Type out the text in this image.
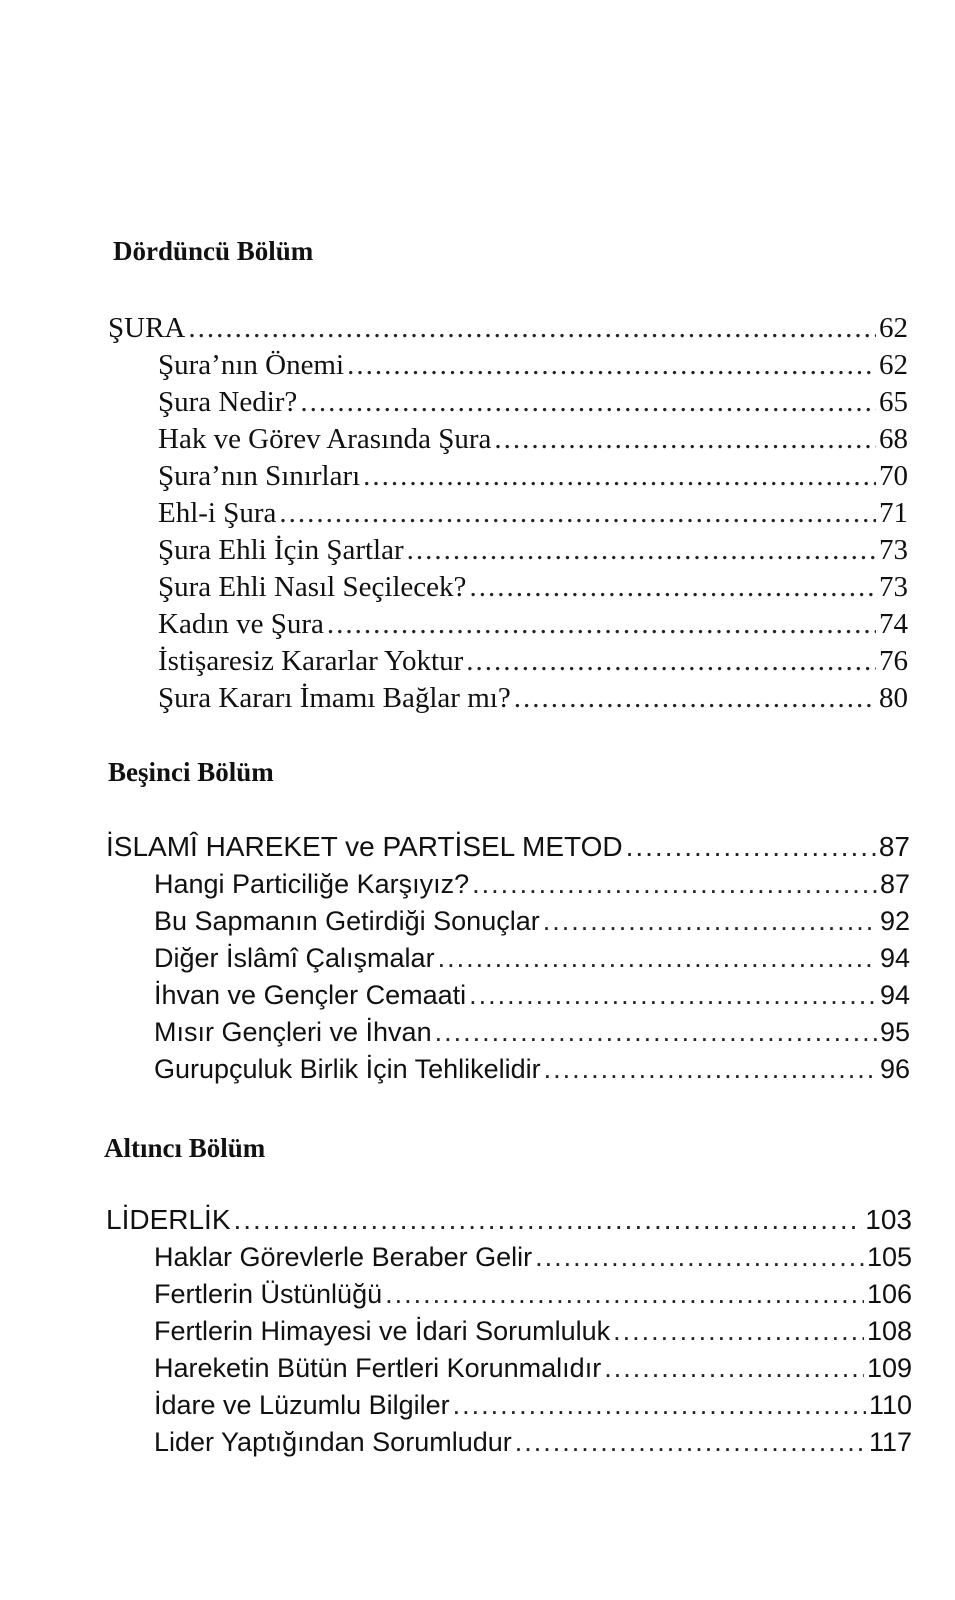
Dördüncü Bölüm
ŞURA .....	62
Şura’nın Önemi .....	62
Şura Nedir? .....	65
Hak ve Görev Arasında Şura .....	68
Şura’nın Sınırları .....	70
Ehl-i Şura .....	71
Şura Ehli İçin Şartlar .....	73
Şura Ehli Nasıl Seçilecek? .....	73
Kadın ve Şura .....	74
İstişaresiz Kararlar Yoktur .....	76
Şura Kararı İmamı Bağlar mı? .....	80
Beşinci Bölüm
İSLAMÎ HAREKET ve PARTİSEL METOD .....	87
Hangi Particiliğe Karşıyız? .....	87
Bu Sapmanın Getirdiği Sonuçlar .....	92
Diğer İslâmî Çalışmalar .....	94
İhvan ve Gençler Cemaati .....	94
Mısır Gençleri ve İhvan .....	95
Gurupçuluk Birlik İçin Tehlikelidir .....	96
Altıncı Bölüm
LİDERLİK .....	103
Haklar Görevlerle Beraber Gelir .....	105
Fertlerin Üstünlüğü .....	106
Fertlerin Himayesi ve İdari Sorumluluk .....	108
Hareketin Bütün Fertleri Korunmalıdır .....	109
İdare ve Lüzumlu Bilgiler .....	110
Lider Yaptığından Sorumludur .....	117
